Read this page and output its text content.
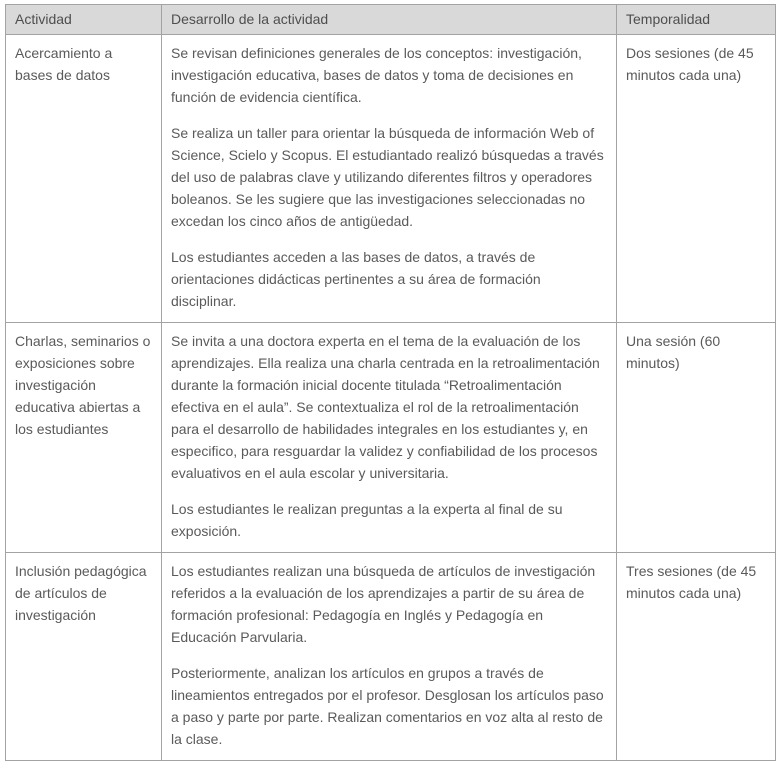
Actividad	Desarrollo de la actividad	Temporalidad

Acercamiento a bases de datos	Se revisan definiciones generales de los conceptos: investigación, investigación educativa, bases de datos y toma de decisiones en función de evidencia científica.

Se realiza un taller para orientar la búsqueda de información Web of Science, Scielo y Scopus. El estudiantado realizó búsquedas a través del uso de palabras clave y utilizando diferentes filtros y operadores boleanos. Se les sugiere que las investigaciones seleccionadas no excedan los cinco años de antigüedad.

Los estudiantes acceden a las bases de datos, a través de orientaciones didácticas pertinentes a su área de formación disciplinar.	Dos sesiones (de 45 minutos cada una)

Charlas, seminarios o exposiciones sobre investigación educativa abiertas a los estudiantes	Se invita a una doctora experta en el tema de la evaluación de los aprendizajes. Ella realiza una charla centrada en la retroalimentación durante la formación inicial docente titulada “Retroalimentación efectiva en el aula”. Se contextualiza el rol de la retroalimentación para el desarrollo de habilidades integrales en los estudiantes y, en especifico, para resguardar la validez y confiabilidad de los procesos evaluativos en el aula escolar y universitaria.

Los estudiantes le realizan preguntas a la experta al final de su exposición.	Una sesión (60 minutos)

Inclusión pedagógica de artículos de investigación	Los estudiantes realizan una búsqueda de artículos de investigación referidos a la evaluación de los aprendizajes a partir de su área de formación profesional: Pedagogía en Inglés y Pedagogía en Educación Parvularia.

Posteriormente, analizan los artículos en grupos a través de lineamientos entregados por el profesor. Desglosan los artículos paso a paso y parte por parte. Realizan comentarios en voz alta al resto de la clase.	Tres sesiones (de 45 minutos cada una)
